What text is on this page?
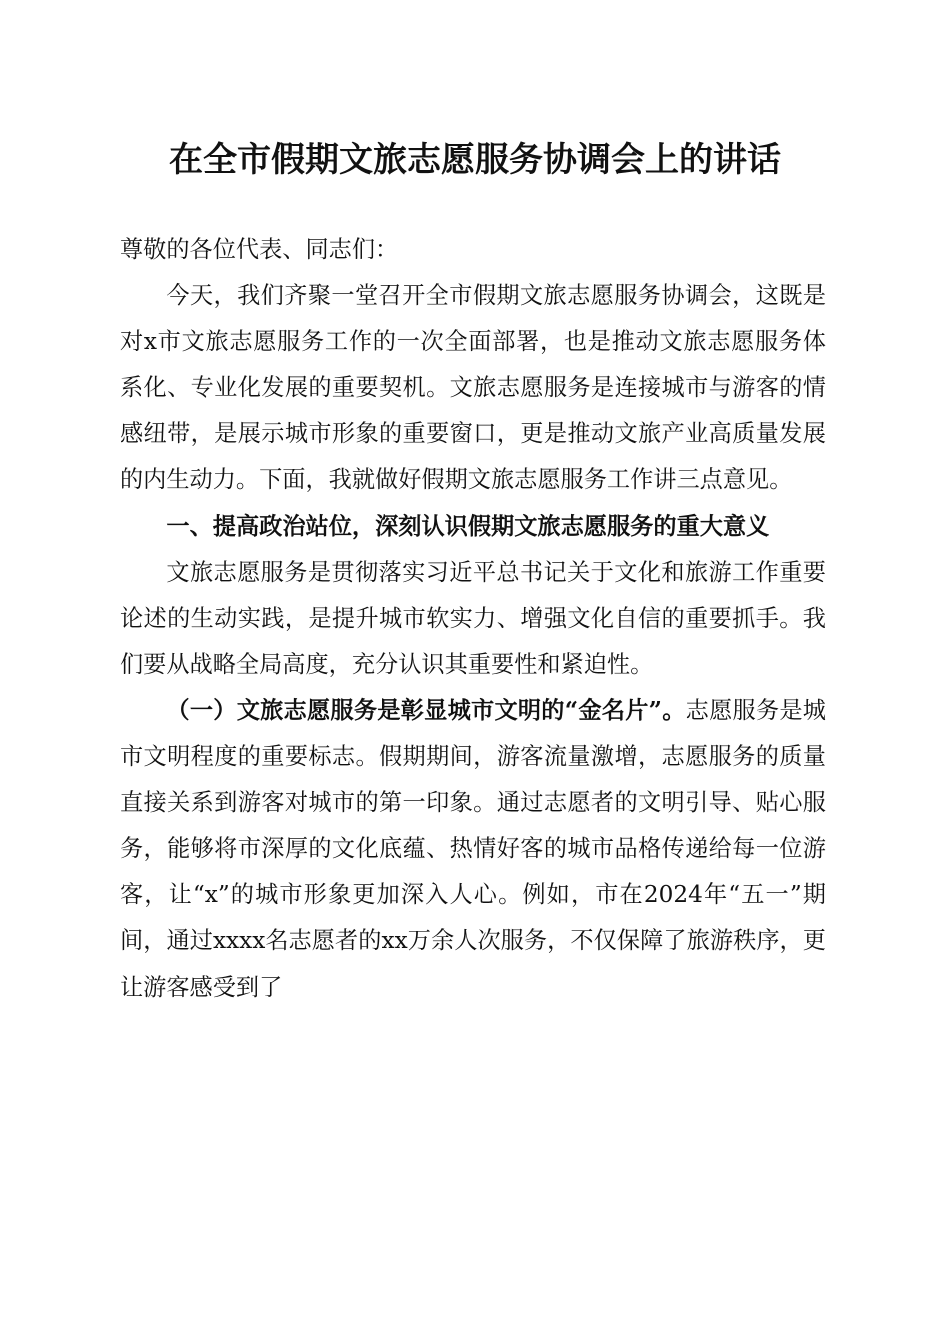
在全市假期文旅志愿服务协调会上的讲话

尊敬的各位代表、同志们：

今天，我们齐聚一堂召开全市假期文旅志愿服务协调会，这既是对x市文旅志愿服务工作的一次全面部署，也是推动文旅志愿服务体系化、专业化发展的重要契机。文旅志愿服务是连接城市与游客的情感纽带，是展示城市形象的重要窗口，更是推动文旅产业高质量发展的内生动力。下面，我就做好假期文旅志愿服务工作讲三点意见。

一、提高政治站位，深刻认识假期文旅志愿服务的重大意义

文旅志愿服务是贯彻落实习近平总书记关于文化和旅游工作重要论述的生动实践，是提升城市软实力、增强文化自信的重要抓手。我们要从战略全局高度，充分认识其重要性和紧迫性。

（一）文旅志愿服务是彰显城市文明的“金名片”。志愿服务是城市文明程度的重要标志。假期期间，游客流量激增，志愿服务的质量直接关系到游客对城市的第一印象。通过志愿者的文明引导、贴心服务，能够将市深厚的文化底蕴、热情好客的城市品格传递给每一位游客，让“x”的城市形象更加深入人心。例如，市在2024年“五一”期间，通过xxxx名志愿者的xx万余人次服务，不仅保障了旅游秩序，更让游客感受到了
